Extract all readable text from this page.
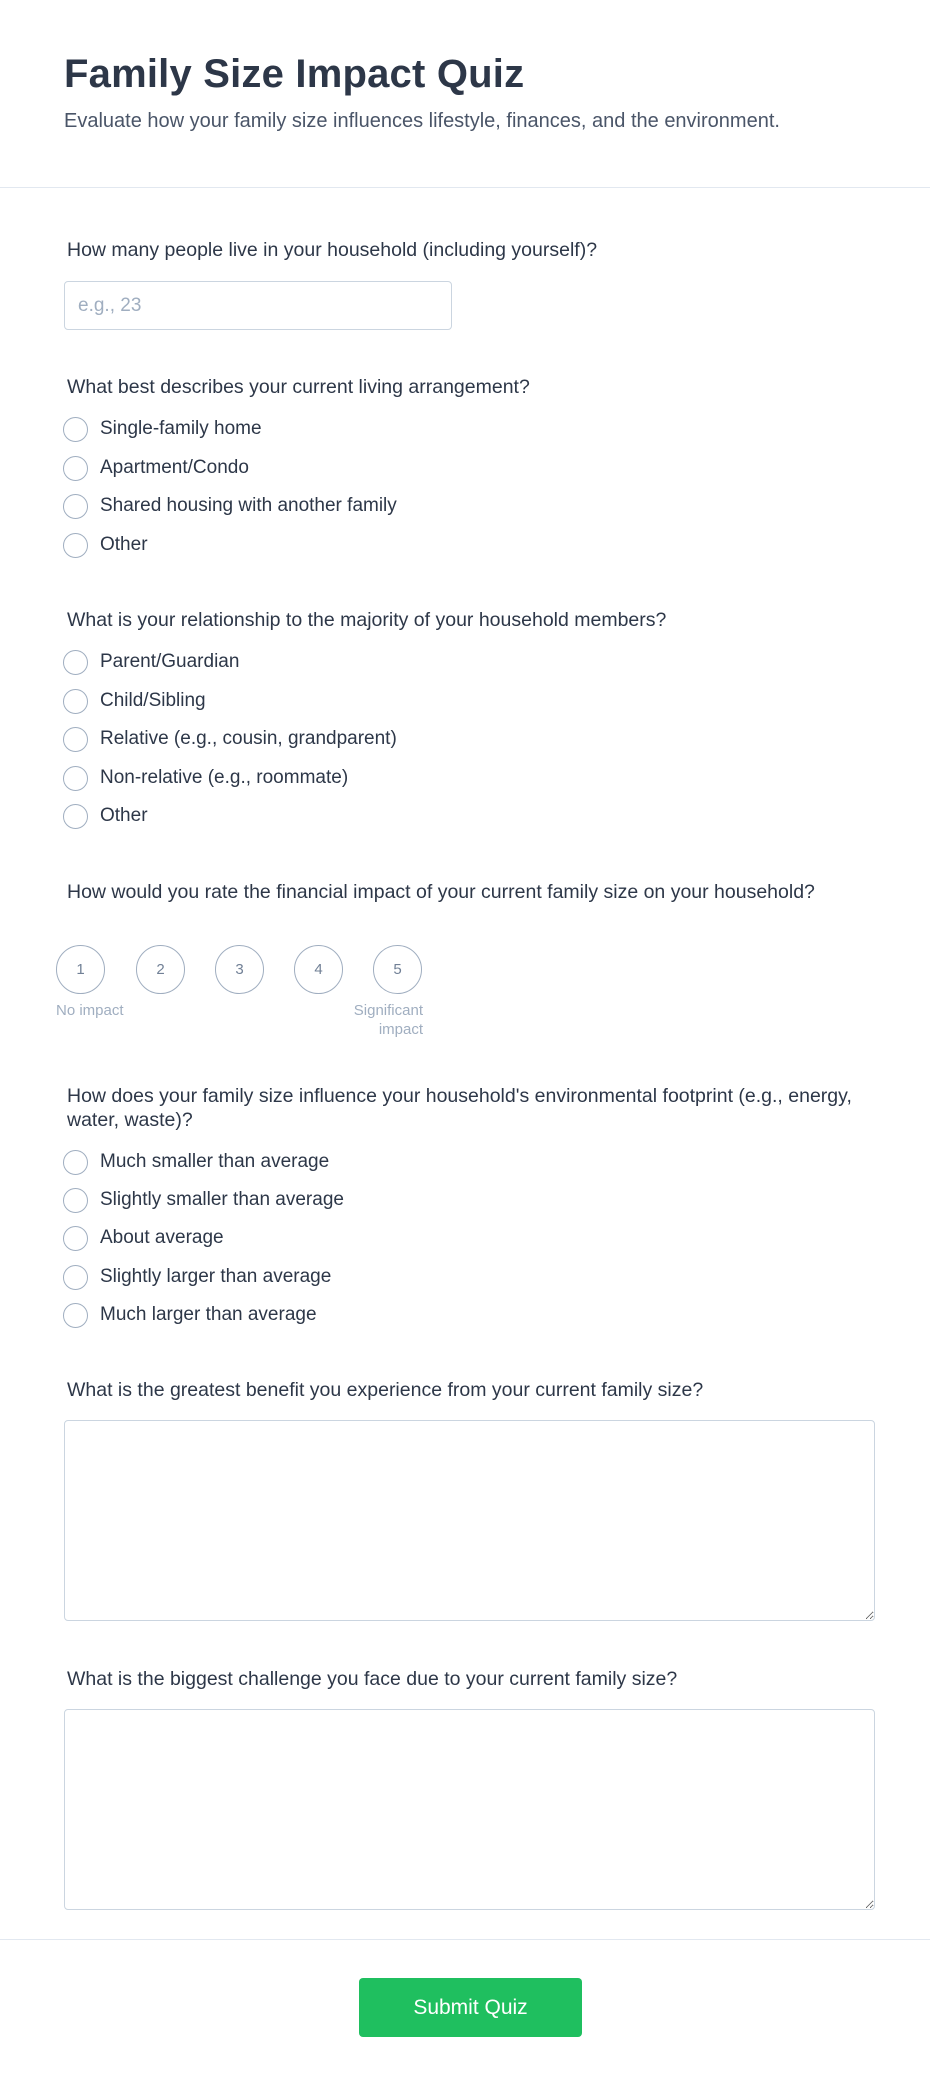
Family Size Impact Quiz

Evaluate how your family size influences lifestyle, finances, and the environment.

How many people live in your household (including yourself)?
e.g., 23
What best describes your current living arrangement?
Single-family home
Apartment/Condo
Shared housing with another family
Other
What is your relationship to the majority of your household members?
Parent/Guardian
Child/Sibling
Relative (e.g., cousin, grandparent)
Non-relative (e.g., roommate)
Other
How would you rate the financial impact of your current family size on your household?
1	2	3	4	5
No impact	Significant impact
How does your family size influence your household's environmental footprint (e.g., energy, water, waste)?
Much smaller than average
Slightly smaller than average
About average
Slightly larger than average
Much larger than average
What is the greatest benefit you experience from your current family size?
What is the biggest challenge you face due to your current family size?
Submit Quiz
